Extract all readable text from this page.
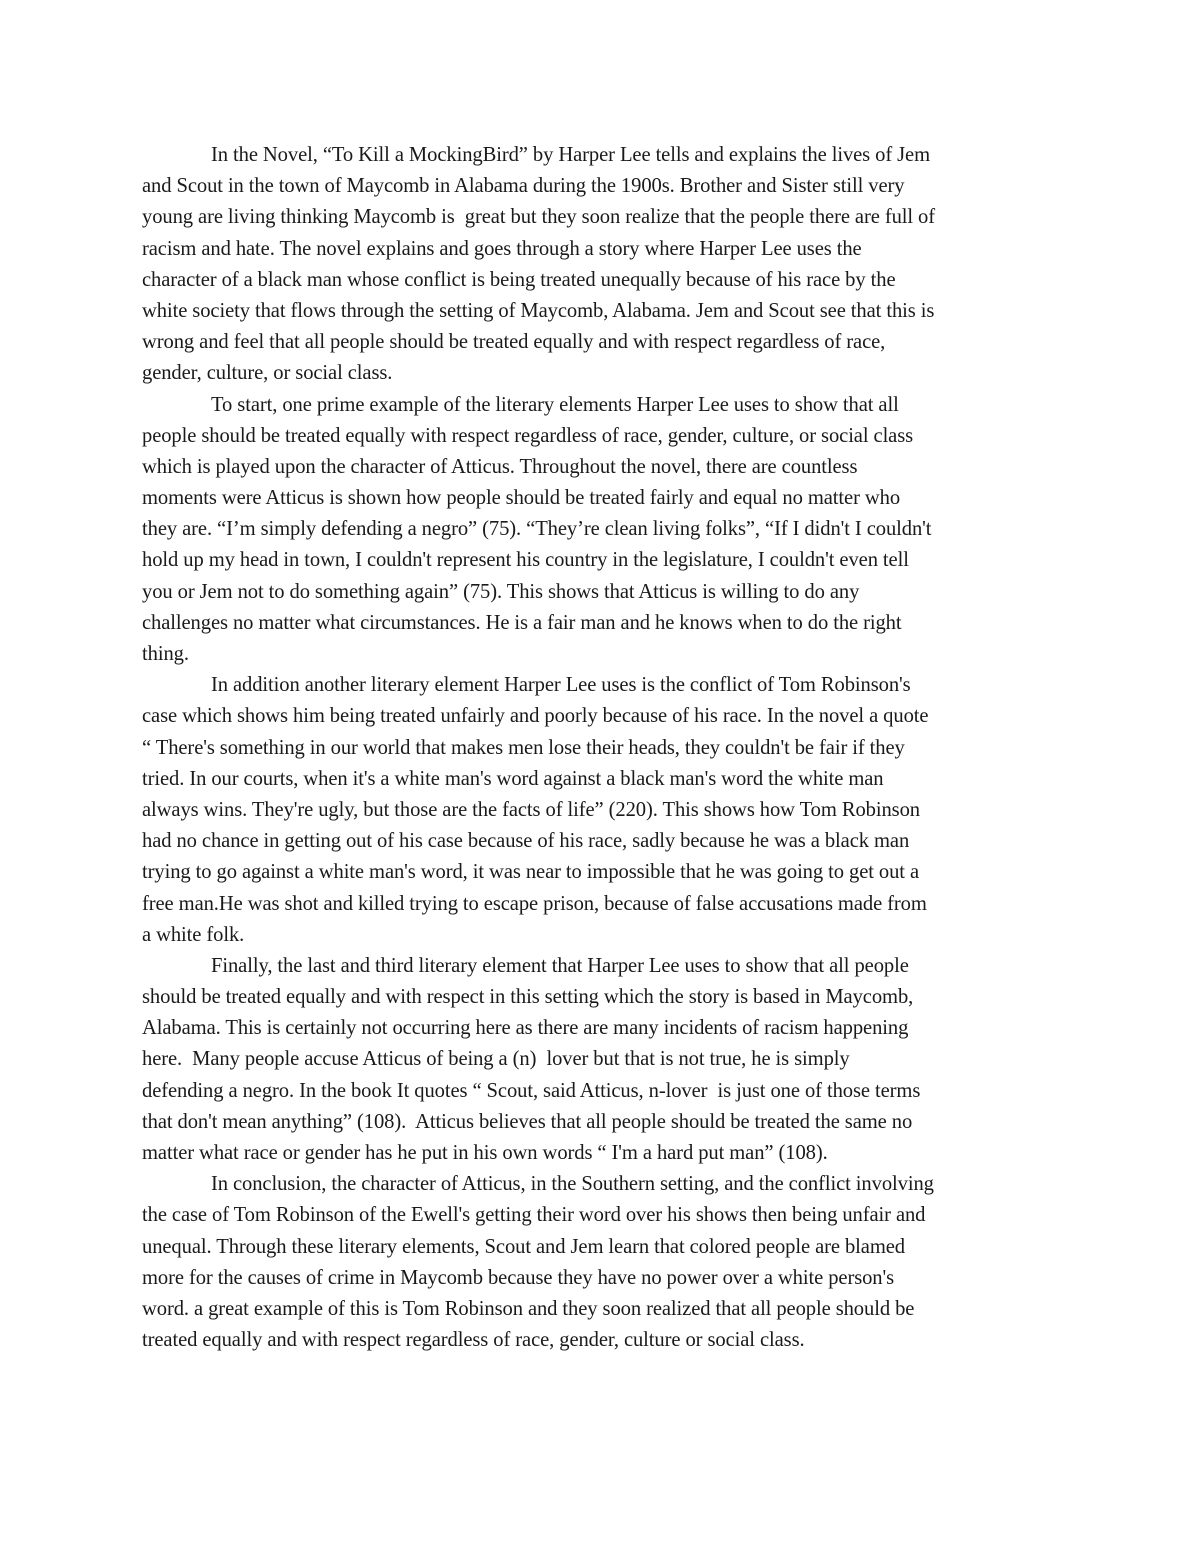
In the Novel, “To Kill a MockingBird” by Harper Lee tells and explains the lives of Jem
and Scout in the town of Maycomb in Alabama during the 1900s. Brother and Sister still very
young are living thinking Maycomb is  great but they soon realize that the people there are full of
racism and hate. The novel explains and goes through a story where Harper Lee uses the
character of a black man whose conflict is being treated unequally because of his race by the
white society that flows through the setting of Maycomb, Alabama. Jem and Scout see that this is
wrong and feel that all people should be treated equally and with respect regardless of race,
gender, culture, or social class.
To start, one prime example of the literary elements Harper Lee uses to show that all
people should be treated equally with respect regardless of race, gender, culture, or social class
which is played upon the character of Atticus. Throughout the novel, there are countless
moments were Atticus is shown how people should be treated fairly and equal no matter who
they are. “I’m simply defending a negro” (75). “They’re clean living folks”, “If I didn't I couldn't
hold up my head in town, I couldn't represent his country in the legislature, I couldn't even tell
you or Jem not to do something again” (75). This shows that Atticus is willing to do any
challenges no matter what circumstances. He is a fair man and he knows when to do the right
thing.
In addition another literary element Harper Lee uses is the conflict of Tom Robinson's
case which shows him being treated unfairly and poorly because of his race. In the novel a quote
“ There's something in our world that makes men lose their heads, they couldn't be fair if they
tried. In our courts, when it's a white man's word against a black man's word the white man
always wins. They're ugly, but those are the facts of life” (220). This shows how Tom Robinson
had no chance in getting out of his case because of his race, sadly because he was a black man
trying to go against a white man's word, it was near to impossible that he was going to get out a
free man.He was shot and killed trying to escape prison, because of false accusations made from
a white folk.
Finally, the last and third literary element that Harper Lee uses to show that all people
should be treated equally and with respect in this setting which the story is based in Maycomb,
Alabama. This is certainly not occurring here as there are many incidents of racism happening
here.  Many people accuse Atticus of being a (n)  lover but that is not true, he is simply
defending a negro. In the book It quotes “ Scout, said Atticus, n-lover  is just one of those terms
that don't mean anything” (108).  Atticus believes that all people should be treated the same no
matter what race or gender has he put in his own words “ I'm a hard put man” (108).
In conclusion, the character of Atticus, in the Southern setting, and the conflict involving
the case of Tom Robinson of the Ewell's getting their word over his shows then being unfair and
unequal. Through these literary elements, Scout and Jem learn that colored people are blamed
more for the causes of crime in Maycomb because they have no power over a white person's
word. a great example of this is Tom Robinson and they soon realized that all people should be
treated equally and with respect regardless of race, gender, culture or social class.
